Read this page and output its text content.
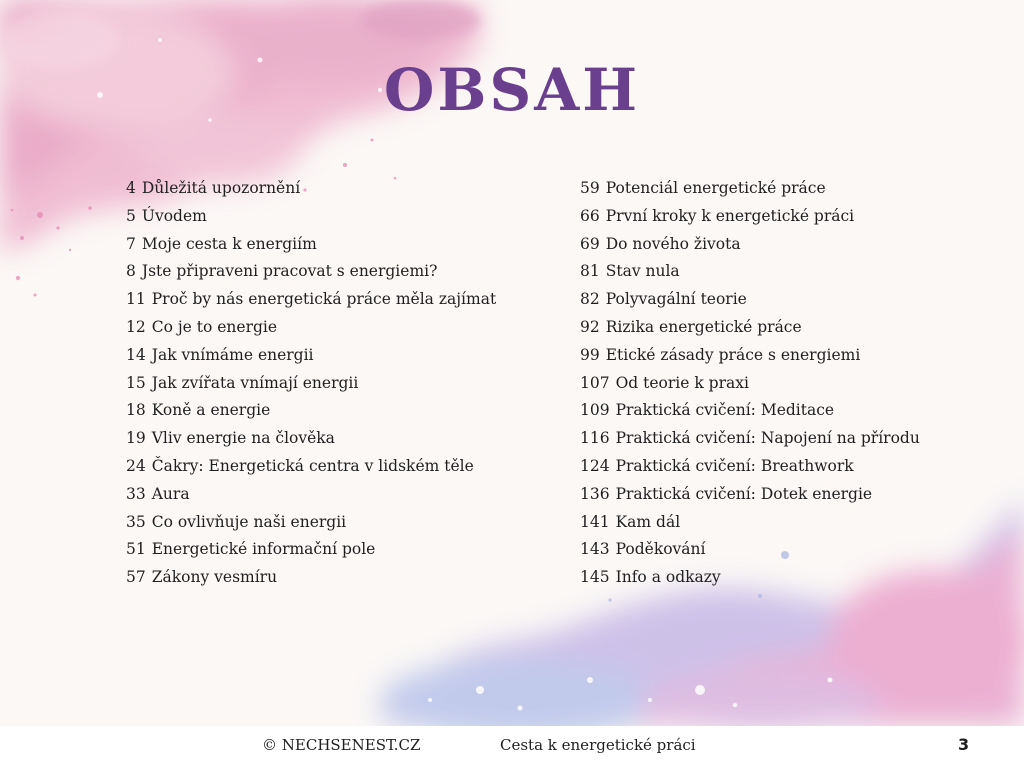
OBSAH
4 Důležitá upozornění
5 Úvodem
7 Moje cesta k energiím
8 Jste připraveni pracovat s energiemi?
11 Proč by nás energetická práce měla zajímat
12 Co je to energie
14 Jak vnímáme energii
15 Jak zvířata vnímají energii
18 Koně a energie
19 Vliv energie na člověka
24 Čakry: Energetická centra v lidském těle
33 Aura
35 Co ovlivňuje naši energii
51 Energetické informační pole
57 Zákony vesmíru
59 Potenciál energetické práce
66 První kroky k energetické práci
69 Do nového života
81 Stav nula
82 Polyvagální teorie
92 Rizika energetické práce
99 Etické zásady práce s energiemi
107 Od teorie k praxi
109 Praktická cvičení: Meditace
116 Praktická cvičení: Napojení na přírodu
124 Praktická cvičení: Breathwork
136 Praktická cvičení: Dotek energie
141 Kam dál
143 Poděkování
145 Info a odkazy
© NECHSENEST.CZ	Cesta k energetické práci	3
